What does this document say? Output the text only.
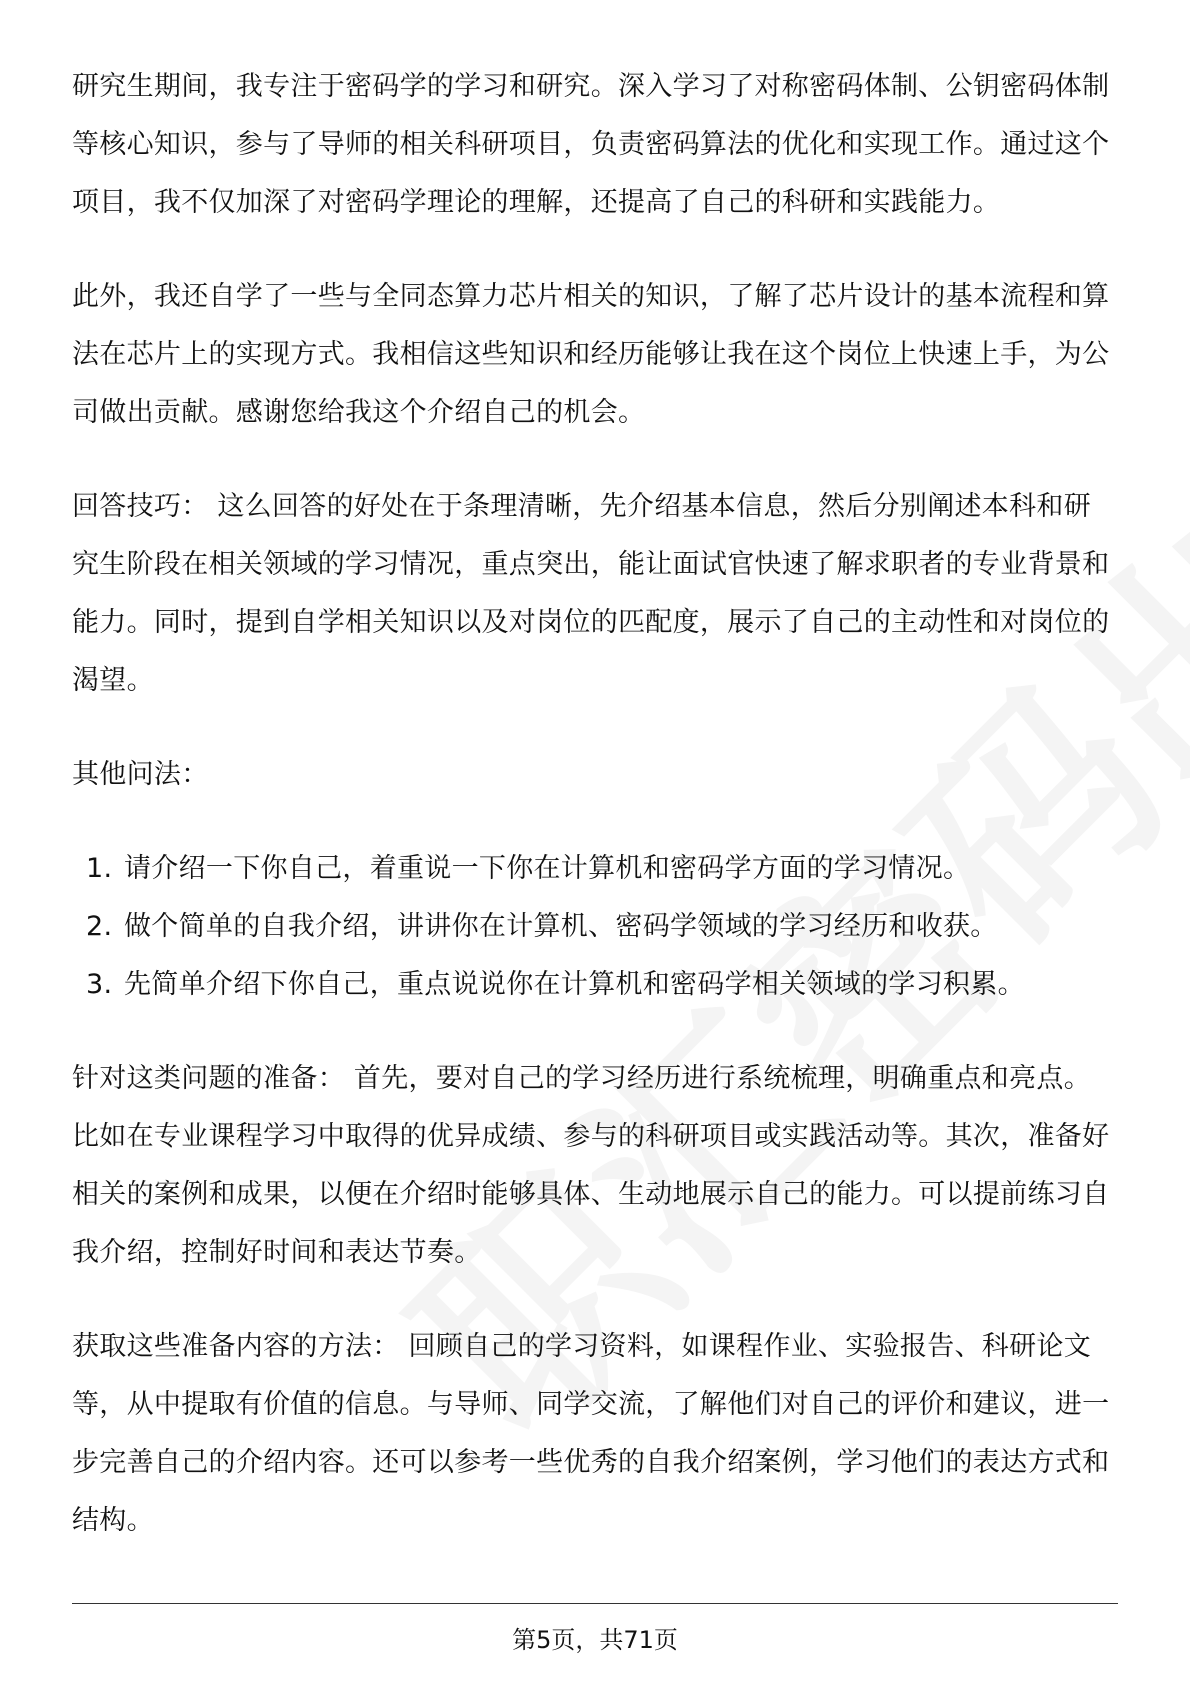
研究生期间，我专注于密码学的学习和研究。深入学习了对称密码体制、公钥密码体制等核心知识，参与了导师的相关科研项目，负责密码算法的优化和实现工作。通过这个项目，我不仅加深了对密码学理论的理解，还提高了自己的科研和实践能力。

此外，我还自学了一些与全同态算力芯片相关的知识，了解了芯片设计的基本流程和算法在芯片上的实现方式。我相信这些知识和经历能够让我在这个岗位上快速上手，为公司做出贡献。感谢您给我这个介绍自己的机会。

回答技巧： 这么回答的好处在于条理清晰，先介绍基本信息，然后分别阐述本科和研究生阶段在相关领域的学习情况，重点突出，能让面试官快速了解求职者的专业背景和能力。同时，提到自学相关知识以及对岗位的匹配度，展示了自己的主动性和对岗位的渴望。

其他问法：

1. 请介绍一下你自己，着重说一下你在计算机和密码学方面的学习情况。
2. 做个简单的自我介绍，讲讲你在计算机、密码学领域的学习经历和收获。
3. 先简单介绍下你自己，重点说说你在计算机和密码学相关领域的学习积累。

针对这类问题的准备： 首先，要对自己的学习经历进行系统梳理，明确重点和亮点。比如在专业课程学习中取得的优异成绩、参与的科研项目或实践活动等。其次，准备好相关的案例和成果，以便在介绍时能够具体、生动地展示自己的能力。可以提前练习自我介绍，控制好时间和表达节奏。

获取这些准备内容的方法： 回顾自己的学习资料，如课程作业、实验报告、科研论文等，从中提取有价值的信息。与导师、同学交流，了解他们对自己的评价和建议，进一步完善自己的介绍内容。还可以参考一些优秀的自我介绍案例，学习他们的表达方式和结构。

第5页，共71页
